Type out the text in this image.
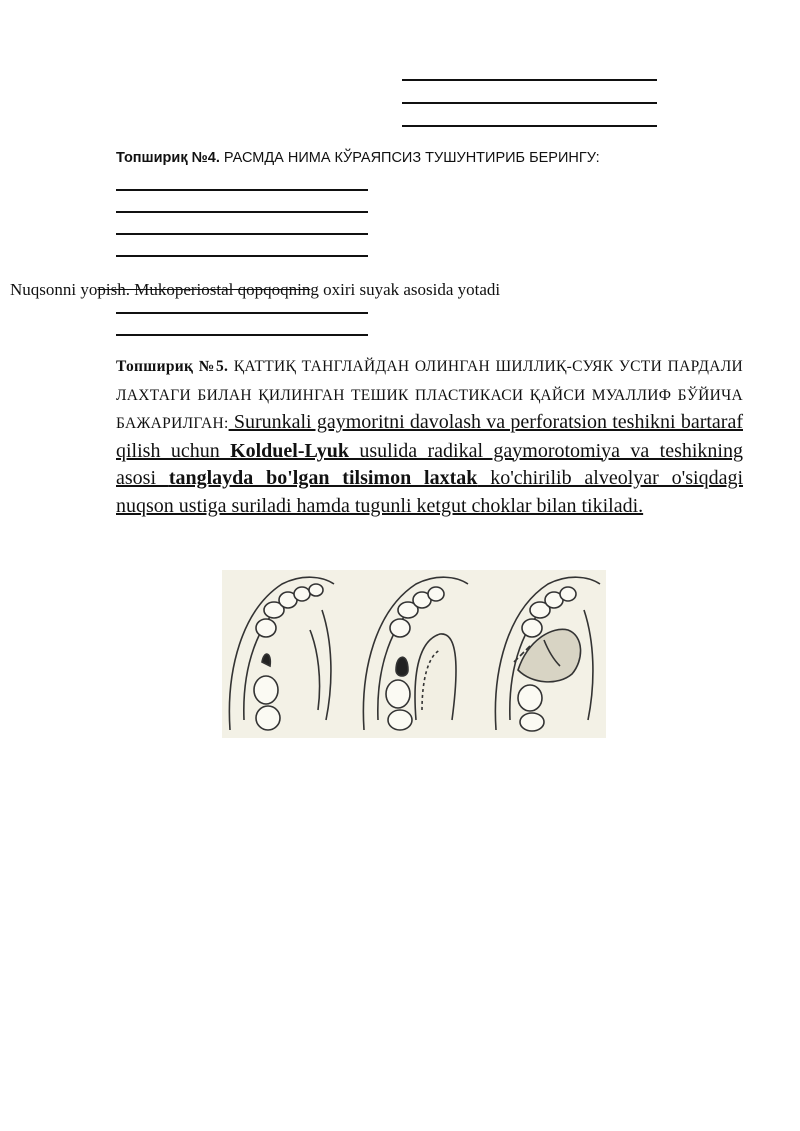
Топшириқ №4. РАСМДА НИМА КЎРАЯПСИЗ ТУШУНТИРИБ БЕРИНГУ:
Nuqsonni yopish. Mukoperiostal qopqoqning oxiri suyak asosida yotadi
Топшириқ №5. ҚАТТИҚ ТАНГЛАЙДАН ОЛИНГАН ШИЛЛИҚ-СУЯК УСТИ ПАРДАЛИ ЛАХТАГИ БИЛАН ҚИЛИНГАН ТЕШИК ПЛАСТИКАСИ ҚАЙСИ МУАЛЛИФ БЎЙИЧА БАЖАРИЛГАН: Surunkali gaymoritni davolash va perforatsion teshikni bartaraf qilish uchun Kolduel-Lyuk usulida radikal gaymorotomiya va teshikning asosi tanglayda bo'lgan tilsimon laxtak ko'chirilib alveolyar o'siqdagi nuqson ustiga suriladi hamda tugunli ketgut choklar bilan tikiladi.
